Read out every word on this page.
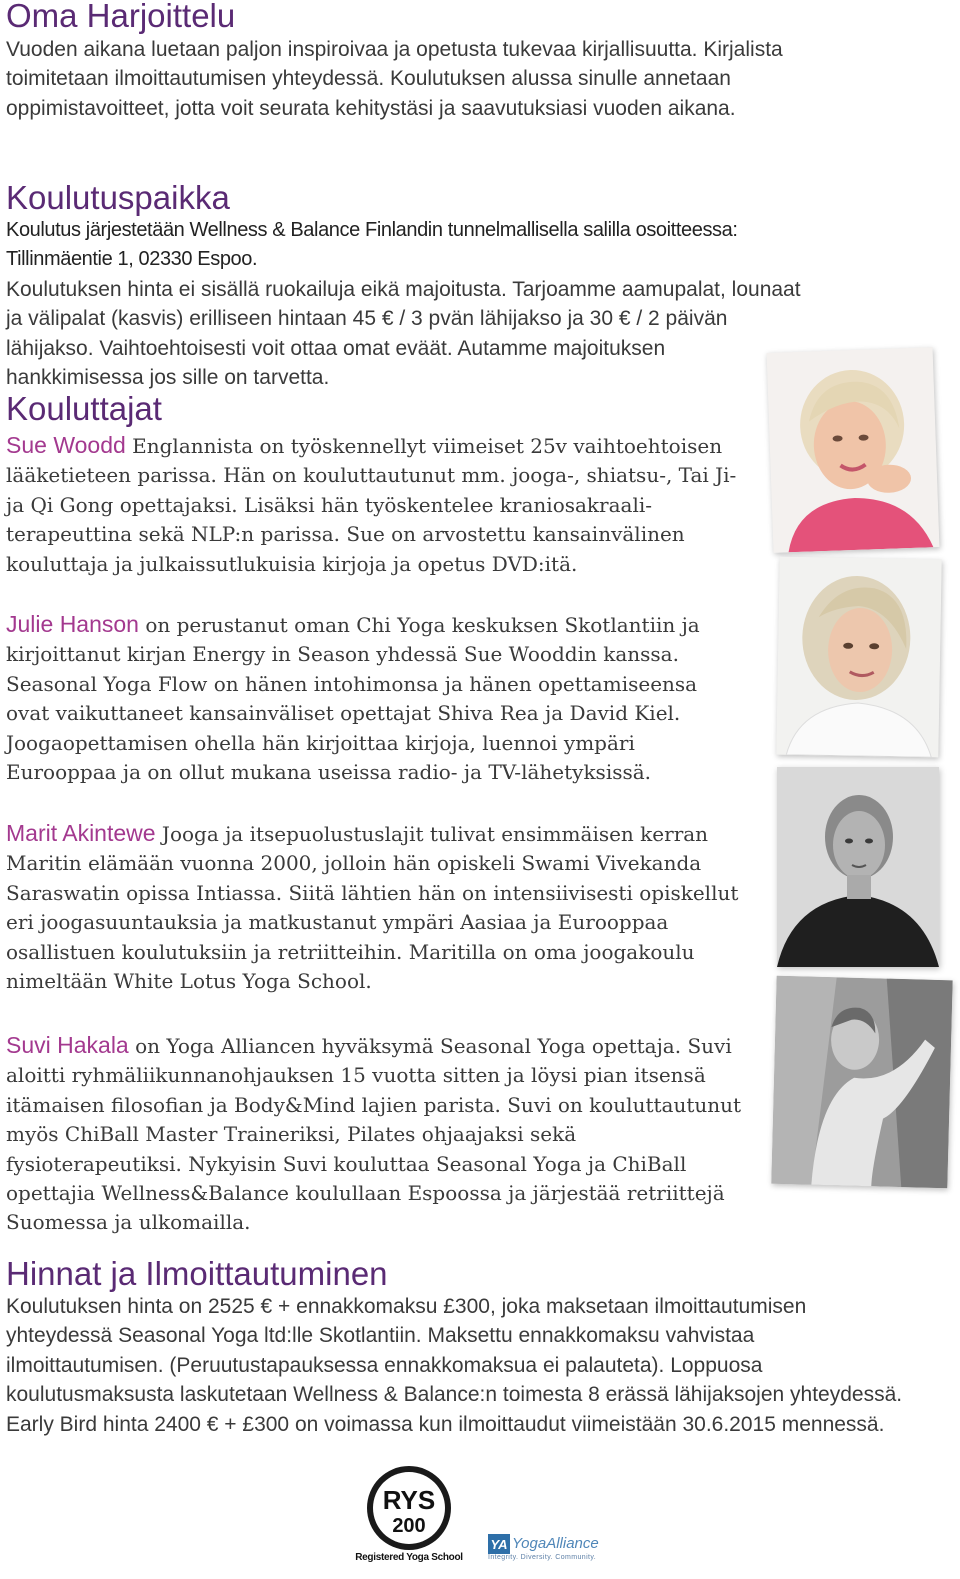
Oma Harjoittelu

Vuoden aikana luetaan paljon inspiroivaa ja opetusta tukevaa kirjallisuutta. Kirjalista toimitetaan ilmoittautumisen yhteydessä. Koulutuksen alussa sinulle annetaan oppimistavoitteet, jotta voit seurata kehitystäsi ja saavutuksiasi vuoden aikana.

Koulutuspaikka

Koulutus järjestetään Wellness & Balance Finlandin tunnelmallisella salilla osoitteessa: Tillinmäentie 1, 02330 Espoo.

Koulutuksen hinta ei sisällä ruokailuja eikä majoitusta. Tarjoamme aamupalat, lounaat ja välipalat (kasvis) erilliseen hintaan 45 € / 3 pvän lähijakso ja 30 € / 2 päivän lähijakso. Vaihtoehtoisesti voit ottaa omat eväät. Autamme majoituksen hankkimisessa jos sille on tarvetta.

Kouluttajat

Sue Woodd Englannista on työskennellyt viimeiset 25v vaihtoehtoisen lääketieteen parissa. Hän on kouluttautunut mm. jooga-, shiatsu-, Tai Ji- ja Qi Gong opettajaksi. Lisäksi hän työskentelee kraniosakraali-terapeuttina sekä NLP:n parissa. Sue on arvostettu kansainvälinen kouluttaja ja julkaissutlukuisia kirjoja ja opetus DVD:itä.

Julie Hanson on perustanut oman Chi Yoga keskuksen Skotlantiin ja kirjoittanut kirjan Energy in Season yhdessä Sue Wooddin kanssa. Seasonal Yoga Flow on hänen intohimonsa ja hänen opettamiseensa ovat vaikuttaneet kansainväliset opettajat Shiva Rea ja David Kiel. Joogaopettamisen ohella hän kirjoittaa kirjoja, luennoi ympäri Eurooppaa ja on ollut mukana useissa radio- ja TV-lähetyksissä.

Marit Akintewe Jooga ja itsepuolustuslajit tulivat ensimmäisen kerran Maritin elämään vuonna 2000, jolloin hän opiskeli Swami Vivekanda Saraswatin opissa Intiassa. Siitä lähtien hän on intensiivisesti opiskellut eri joogasuuntauksia ja matkustanut ympäri Aasiaa ja Eurooppaa osallistuen koulutuksiin ja retriitteihin. Maritilla on oma joogakoulu nimeltään White Lotus Yoga School.

Suvi Hakala on Yoga Alliancen hyväksymä Seasonal Yoga opettaja. Suvi aloitti ryhmäliikunnanohjauksen 15 vuotta sitten ja löysi pian itsensä itämaisen filosofian ja Body&Mind lajien parista. Suvi on kouluttautunut myös ChiBall Master Traineriksi, Pilates ohjaajaksi sekä fysioterapeutiksi. Nykyisin Suvi kouluttaa Seasonal Yoga ja ChiBall opettajia Wellness&Balance koulullaan Espoossa ja järjestää retriittejä Suomessa ja ulkomailla.

Hinnat ja Ilmoittautuminen

Koulutuksen hinta on 2525 € + ennakkomaksu £300, joka maksetaan ilmoittautumisen yhteydessä Seasonal Yoga ltd:lle Skotlantiin. Maksettu ennakkomaksu vahvistaa ilmoittautumisen. (Peruutustapauksessa ennakkomaksua ei palauteta). Loppuosa koulutusmaksusta laskutetaan Wellness & Balance:n toimesta 8 erässä lähijaksojen yhteydessä. Early Bird hinta 2400 € + £300 on voimassa kun ilmoittaudut viimeistään 30.6.2015 mennessä.

RYS
200
Registered Yoga School
YA YogaAlliance
Integrity. Diversity. Community.
